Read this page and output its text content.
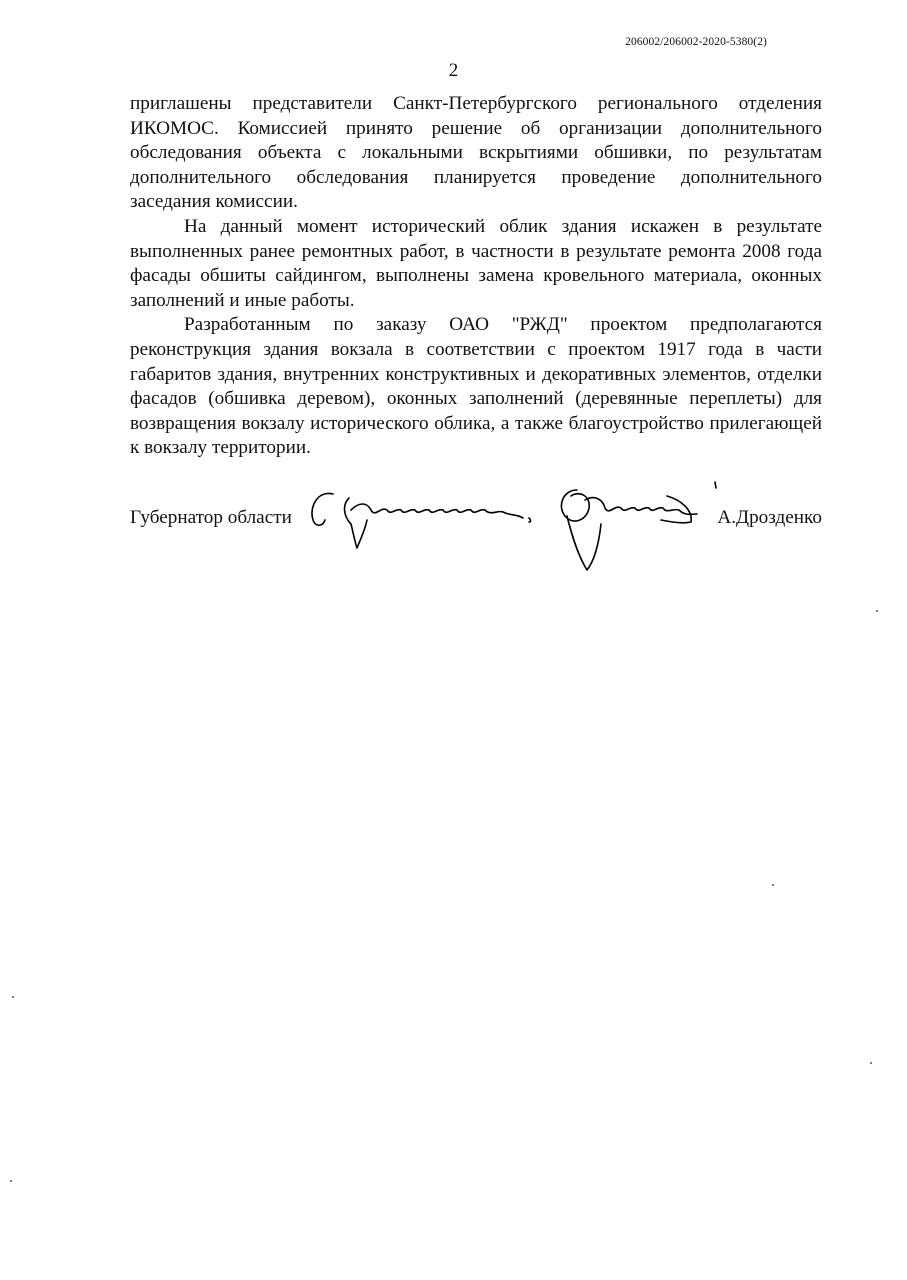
206002/206002-2020-5380(2)
2

приглашены представители Санкт-Петербургского регионального отделения ИКОМОС. Комиссией принято решение об организации дополнительного обследования объекта с локальными вскрытиями обшивки, по результатам дополнительного обследования планируется проведение дополнительного заседания комиссии.

На данный момент исторический облик здания искажен в результате выполненных ранее ремонтных работ, в частности в результате ремонта 2008 года фасады обшиты сайдингом, выполнены замена кровельного материала, оконных заполнений и иные работы.

Разработанным по заказу ОАО "РЖД" проектом предполагаются реконструкция здания вокзала в соответствии с проектом 1917 года в части габаритов здания, внутренних конструктивных и декоративных элементов, отделки фасадов (обшивка деревом), оконных заполнений (деревянные переплеты) для возвращения вокзалу исторического облика, а также благоустройство прилегающей к вокзалу территории.

Губернатор области	А.Дрозденко
